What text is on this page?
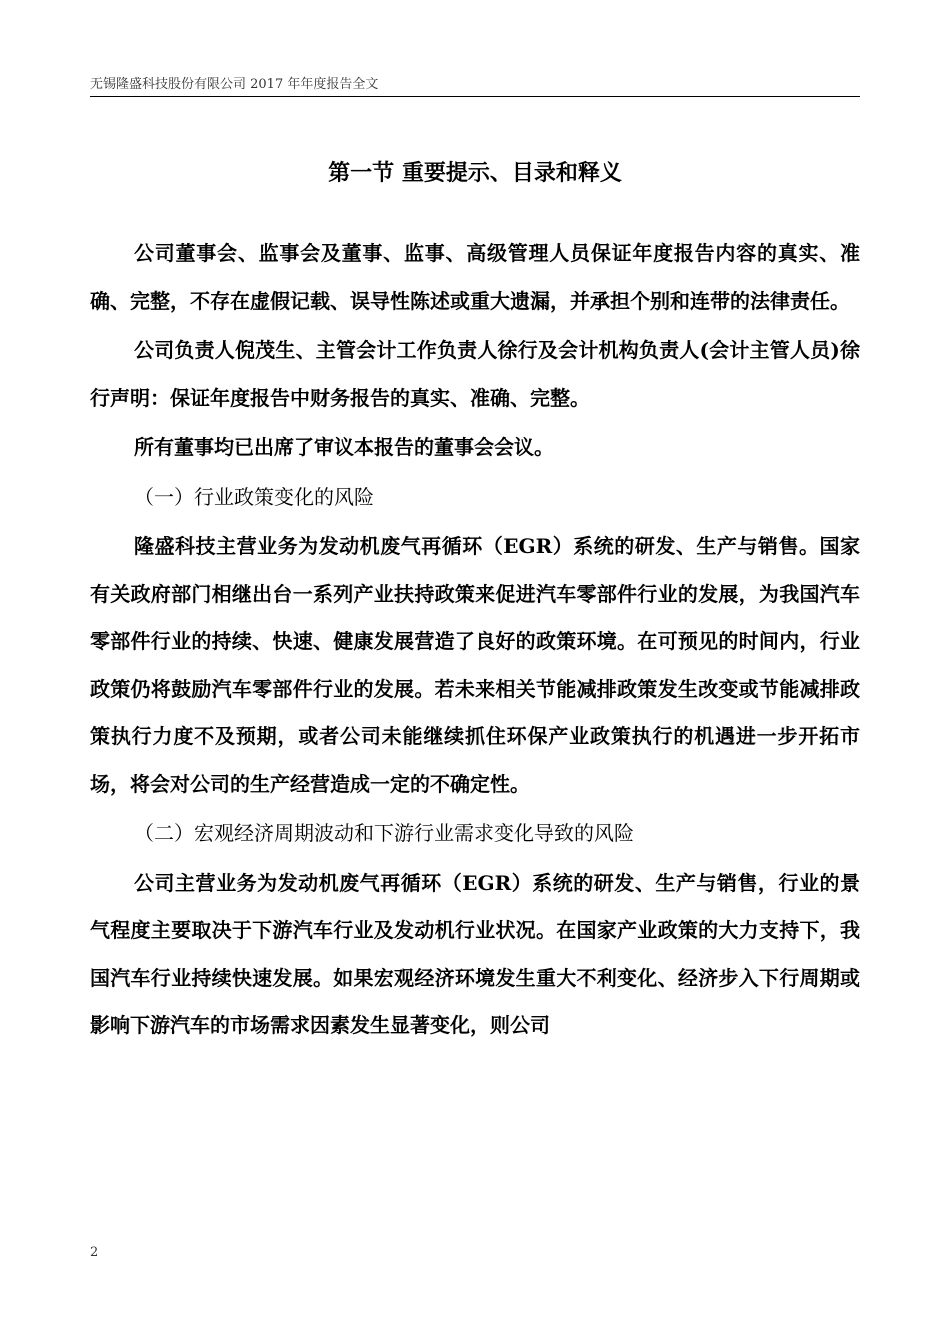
无锡隆盛科技股份有限公司 2017 年年度报告全文
第一节 重要提示、目录和释义

公司董事会、监事会及董事、监事、高级管理人员保证年度报告内容的真实、准确、完整，不存在虚假记载、误导性陈述或重大遗漏，并承担个别和连带的法律责任。

公司负责人倪茂生、主管会计工作负责人徐行及会计机构负责人(会计主管人员)徐行声明：保证年度报告中财务报告的真实、准确、完整。

所有董事均已出席了审议本报告的董事会会议。

（一）行业政策变化的风险

隆盛科技主营业务为发动机废气再循环（EGR）系统的研发、生产与销售。国家有关政府部门相继出台一系列产业扶持政策来促进汽车零部件行业的发展，为我国汽车零部件行业的持续、快速、健康发展营造了良好的政策环境。在可预见的时间内，行业政策仍将鼓励汽车零部件行业的发展。若未来相关节能减排政策发生改变或节能减排政策执行力度不及预期，或者公司未能继续抓住环保产业政策执行的机遇进一步开拓市场，将会对公司的生产经营造成一定的不确定性。

（二）宏观经济周期波动和下游行业需求变化导致的风险

公司主营业务为发动机废气再循环（EGR）系统的研发、生产与销售，行业的景气程度主要取决于下游汽车行业及发动机行业状况。在国家产业政策的大力支持下，我国汽车行业持续快速发展。如果宏观经济环境发生重大不利变化、经济步入下行周期或影响下游汽车的市场需求因素发生显著变化，则公司

2
